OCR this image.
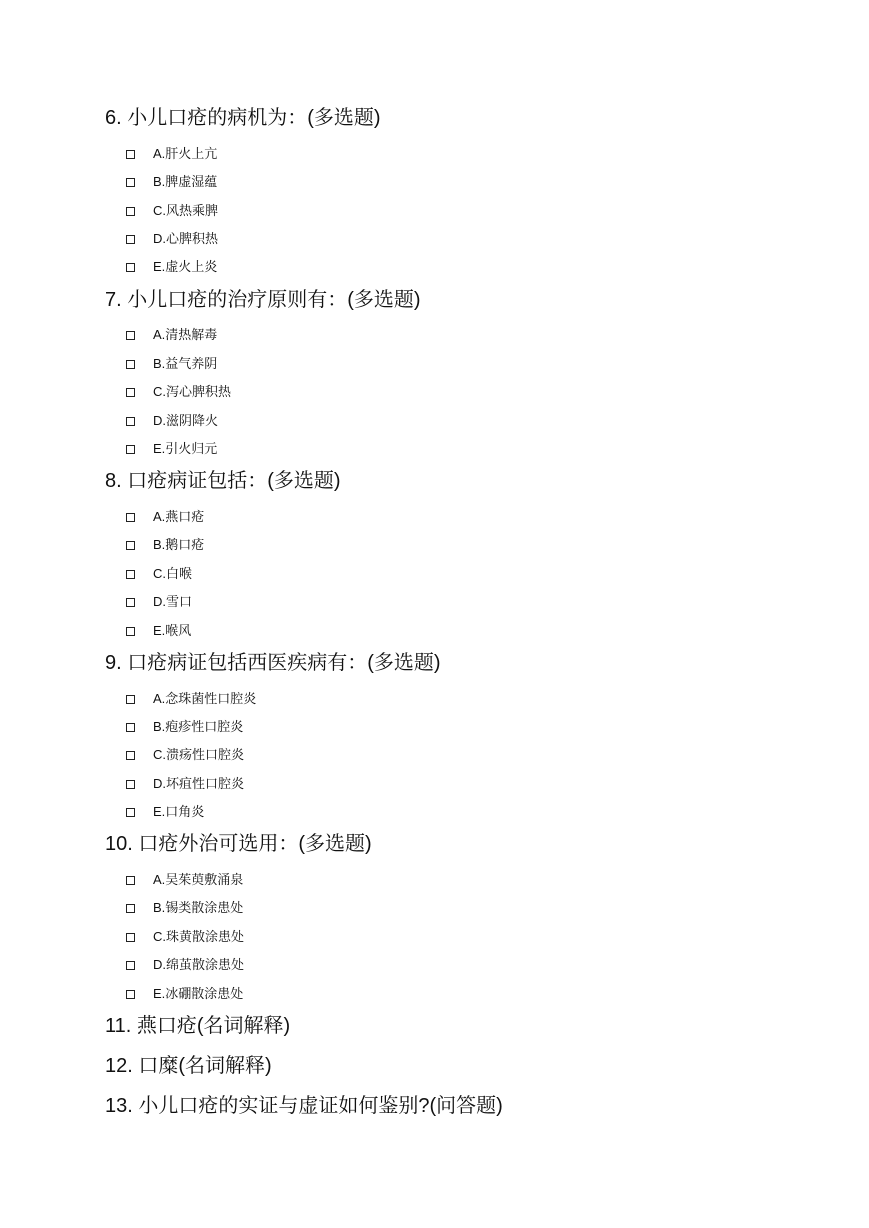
6. 小儿口疮的病机为：(多选题)
A.肝火上亢
B.脾虚湿蕴
C.风热乘脾
D.心脾积热
E.虚火上炎
7. 小儿口疮的治疗原则有：(多选题)
A.清热解毒
B.益气养阴
C.泻心脾积热
D.滋阴降火
E.引火归元
8. 口疮病证包括：(多选题)
A.燕口疮
B.鹅口疮
C.白喉
D.雪口
E.喉风
9. 口疮病证包括西医疾病有：(多选题)
A.念珠菌性口腔炎
B.疱疹性口腔炎
C.溃疡性口腔炎
D.坏疽性口腔炎
E.口角炎
10. 口疮外治可选用：(多选题)
A.吴茱萸敷涌泉
B.锡类散涂患处
C.珠黄散涂患处
D.绵茧散涂患处
E.冰硼散涂患处
11. 燕口疮(名词解释)
12. 口糜(名词解释)
13. 小儿口疮的实证与虚证如何鉴别?(问答题)
